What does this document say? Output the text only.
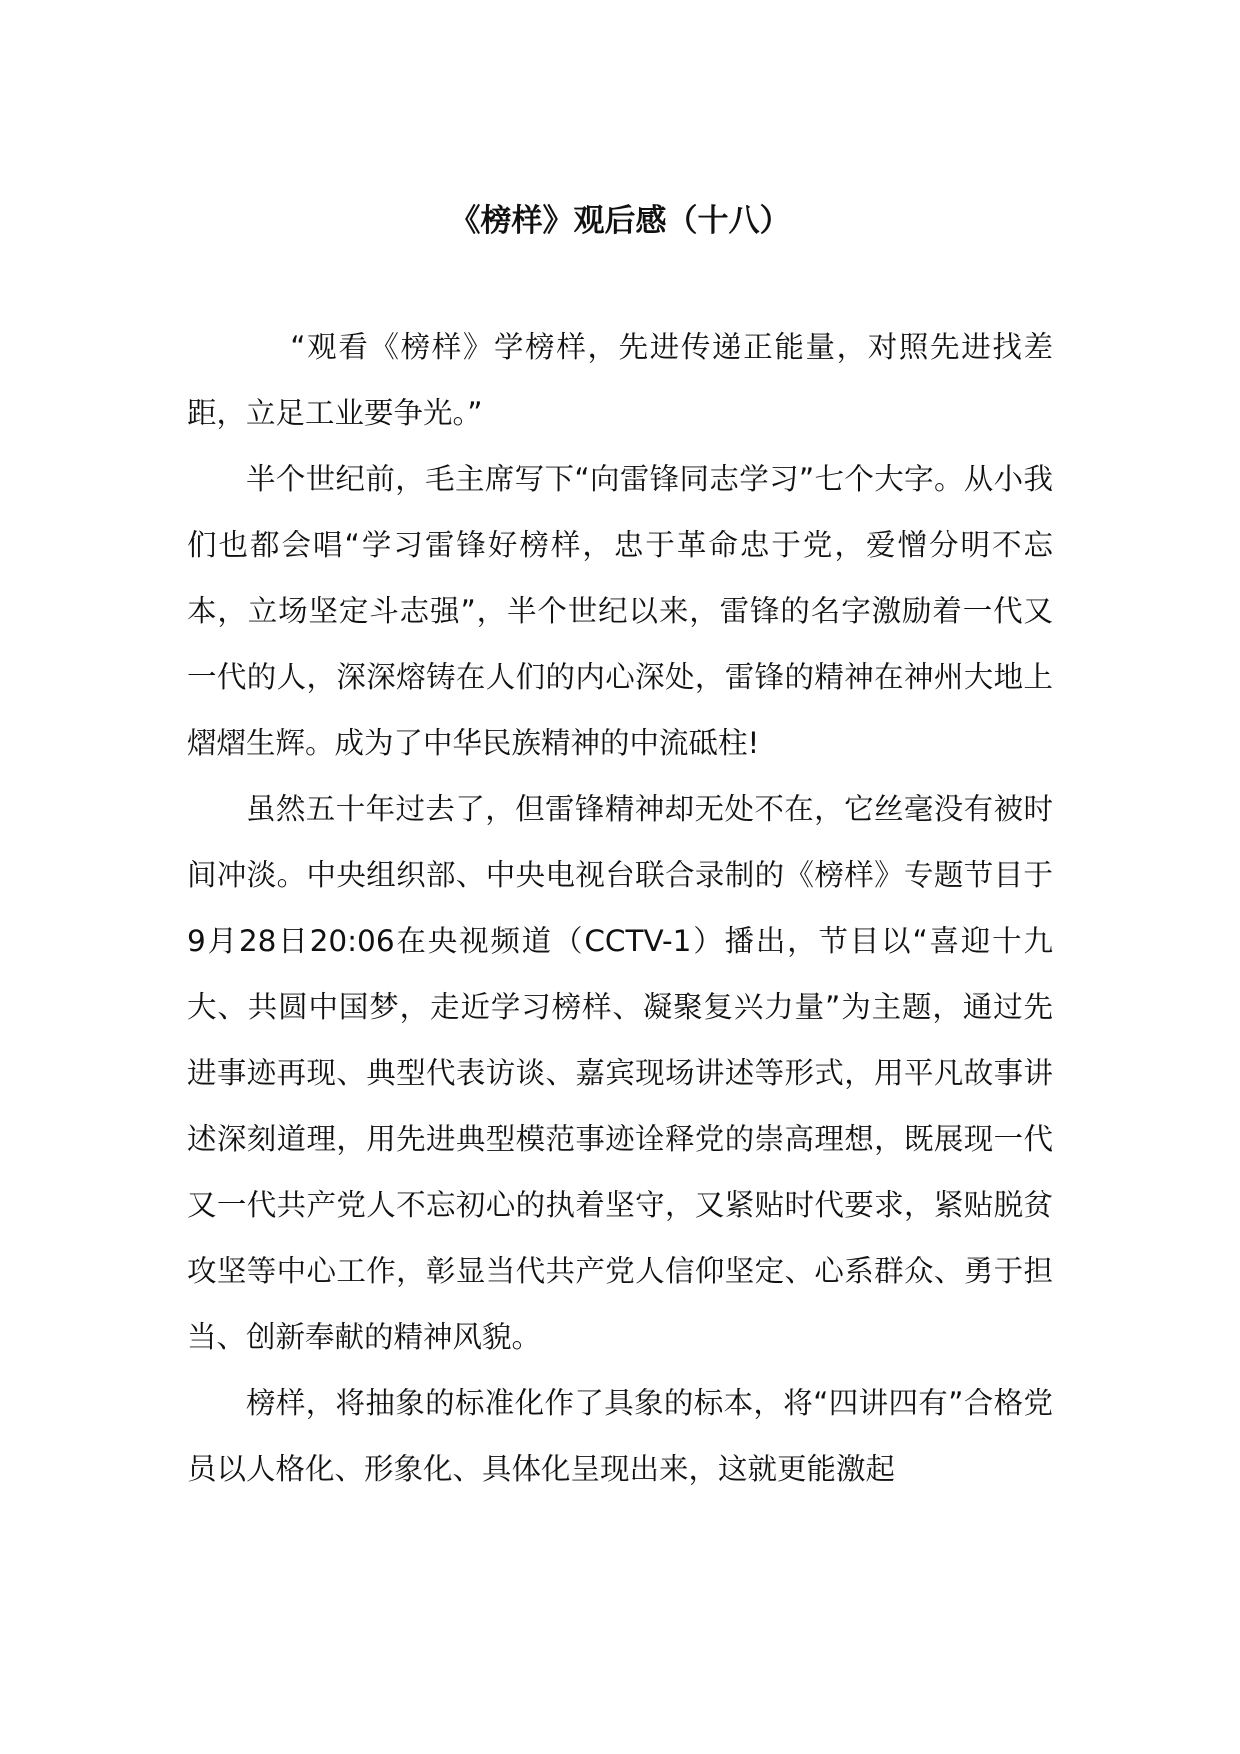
《榜样》观后感（十八）

“观看《榜样》学榜样，先进传递正能量，对照先进找差距，立足工业要争光。”

半个世纪前，毛主席写下“向雷锋同志学习”七个大字。从小我们也都会唱“学习雷锋好榜样，忠于革命忠于党，爱憎分明不忘本，立场坚定斗志强”，半个世纪以来，雷锋的名字激励着一代又一代的人，深深熔铸在人们的内心深处，雷锋的精神在神州大地上熠熠生辉。成为了中华民族精神的中流砥柱!

虽然五十年过去了，但雷锋精神却无处不在，它丝毫没有被时间冲淡。中央组织部、中央电视台联合录制的《榜样》专题节目于9月28日20:06在央视频道（CCTV-1）播出，节目以“喜迎十九大、共圆中国梦，走近学习榜样、凝聚复兴力量”为主题，通过先进事迹再现、典型代表访谈、嘉宾现场讲述等形式，用平凡故事讲述深刻道理，用先进典型模范事迹诠释党的崇高理想，既展现一代又一代共产党人不忘初心的执着坚守，又紧贴时代要求，紧贴脱贫攻坚等中心工作，彰显当代共产党人信仰坚定、心系群众、勇于担当、创新奉献的精神风貌。

榜样，将抽象的标准化作了具象的标本，将“四讲四有”合格党员以人格化、形象化、具体化呈现出来，这就更能激起
